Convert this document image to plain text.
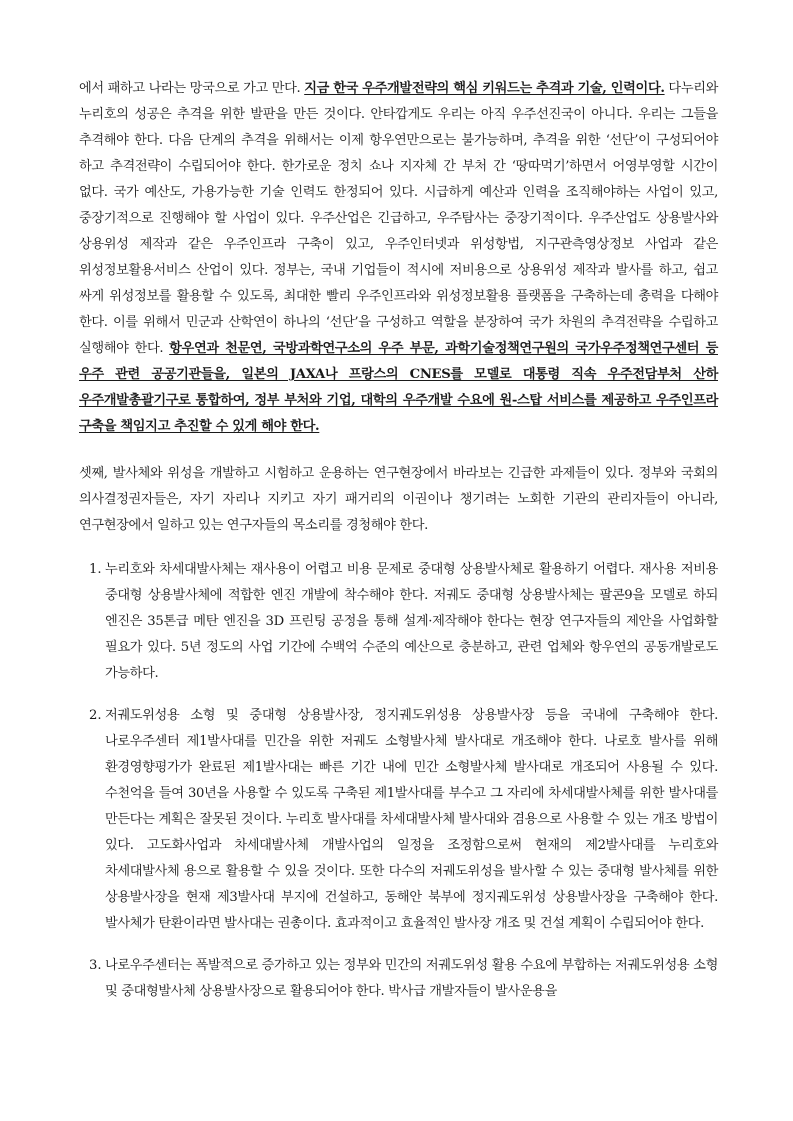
에서 패하고 나라는 망국으로 가고 만다. 지금 한국 우주개발전략의 핵심 키워드는 추격과 기술, 인력이다. 다누리와 누리호의 성공은 추격을 위한 발판을 만든 것이다. 안타깝게도 우리는 아직 우주선진국이 아니다. 우리는 그들을 추격해야 한다. 다음 단계의 추격을 위해서는 이제 항우연만으로는 불가능하며, 추격을 위한 ‘선단’이 구성되어야 하고 추격전략이 수립되어야 한다. 한가로운 정치 쇼나 지자체 간 부처 간 ‘땅따먹기’하면서 어영부영할 시간이 없다. 국가 예산도, 가용가능한 기술 인력도 한정되어 있다. 시급하게 예산과 인력을 조직해야하는 사업이 있고, 중장기적으로 진행해야 할 사업이 있다. 우주산업은 긴급하고, 우주탐사는 중장기적이다. 우주산업도 상용발사와 상용위성 제작과 같은 우주인프라 구축이 있고, 우주인터넷과 위성항법, 지구관측영상정보 사업과 같은 위성정보활용서비스 산업이 있다. 정부는, 국내 기업들이 적시에 저비용으로 상용위성 제작과 발사를 하고, 쉽고 싸게 위성정보를 활용할 수 있도록, 최대한 빨리 우주인프라와 위성정보활용 플랫폼을 구축하는데 총력을 다해야 한다. 이를 위해서 민군과 산학연이 하나의 ‘선단’을 구성하고 역할을 분장하여 국가 차원의 추격전략을 수립하고 실행해야 한다. 항우연과 천문연, 국방과학연구소의 우주 부문, 과학기술정책연구원의 국가우주정책연구센터 등 우주 관련 공공기관들을, 일본의 JAXA나 프랑스의 CNES를 모델로 대통령 직속 우주전담부처 산하 우주개발총괄기구로 통합하여, 정부 부처와 기업, 대학의 우주개발 수요에 원-스탑 서비스를 제공하고 우주인프라 구축을 책임지고 추진할 수 있게 해야 한다.

셋째, 발사체와 위성을 개발하고 시험하고 운용하는 연구현장에서 바라보는 긴급한 과제들이 있다. 정부와 국회의 의사결정권자들은, 자기 자리나 지키고 자기 패거리의 이권이나 챙기려는 노회한 기관의 관리자들이 아니라, 연구현장에서 일하고 있는 연구자들의 목소리를 경청해야 한다.

1. 누리호와 차세대발사체는 재사용이 어렵고 비용 문제로 중대형 상용발사체로 활용하기 어렵다. 재사용 저비용 중대형 상용발사체에 적합한 엔진 개발에 착수해야 한다. 저궤도 중대형 상용발사체는 팔콘9을 모델로 하되 엔진은 35톤급 메탄 엔진을 3D 프린팅 공정을 통해 설계·제작해야 한다는 현장 연구자들의 제안을 사업화할 필요가 있다. 5년 정도의 사업 기간에 수백억 수준의 예산으로 충분하고, 관련 업체와 항우연의 공동개발로도 가능하다.

2. 저궤도위성용 소형 및 중대형 상용발사장, 정지궤도위성용 상용발사장 등을 국내에 구축해야 한다. 나로우주센터 제1발사대를 민간을 위한 저궤도 소형발사체 발사대로 개조해야 한다. 나로호 발사를 위해 환경영향평가가 완료된 제1발사대는 빠른 기간 내에 민간 소형발사체 발사대로 개조되어 사용될 수 있다. 수천억을 들여 30년을 사용할 수 있도록 구축된 제1발사대를 부수고 그 자리에 차세대발사체를 위한 발사대를 만든다는 계획은 잘못된 것이다. 누리호 발사대를 차세대발사체 발사대와 겸용으로 사용할 수 있는 개조 방법이 있다. 고도화사업과 차세대발사체 개발사업의 일정을 조정함으로써 현재의 제2발사대를 누리호와 차세대발사체 용으로 활용할 수 있을 것이다. 또한 다수의 저궤도위성을 발사할 수 있는 중대형 발사체를 위한 상용발사장을 현재 제3발사대 부지에 건설하고, 동해안 북부에 정지궤도위성 상용발사장을 구축해야 한다. 발사체가 탄환이라면 발사대는 권총이다. 효과적이고 효율적인 발사장 개조 및 건설 계획이 수립되어야 한다.

3. 나로우주센터는 폭발적으로 증가하고 있는 정부와 민간의 저궤도위성 활용 수요에 부합하는 저궤도위성용 소형 및 중대형발사체 상용발사장으로 활용되어야 한다. 박사급 개발자들이 발사운용을
